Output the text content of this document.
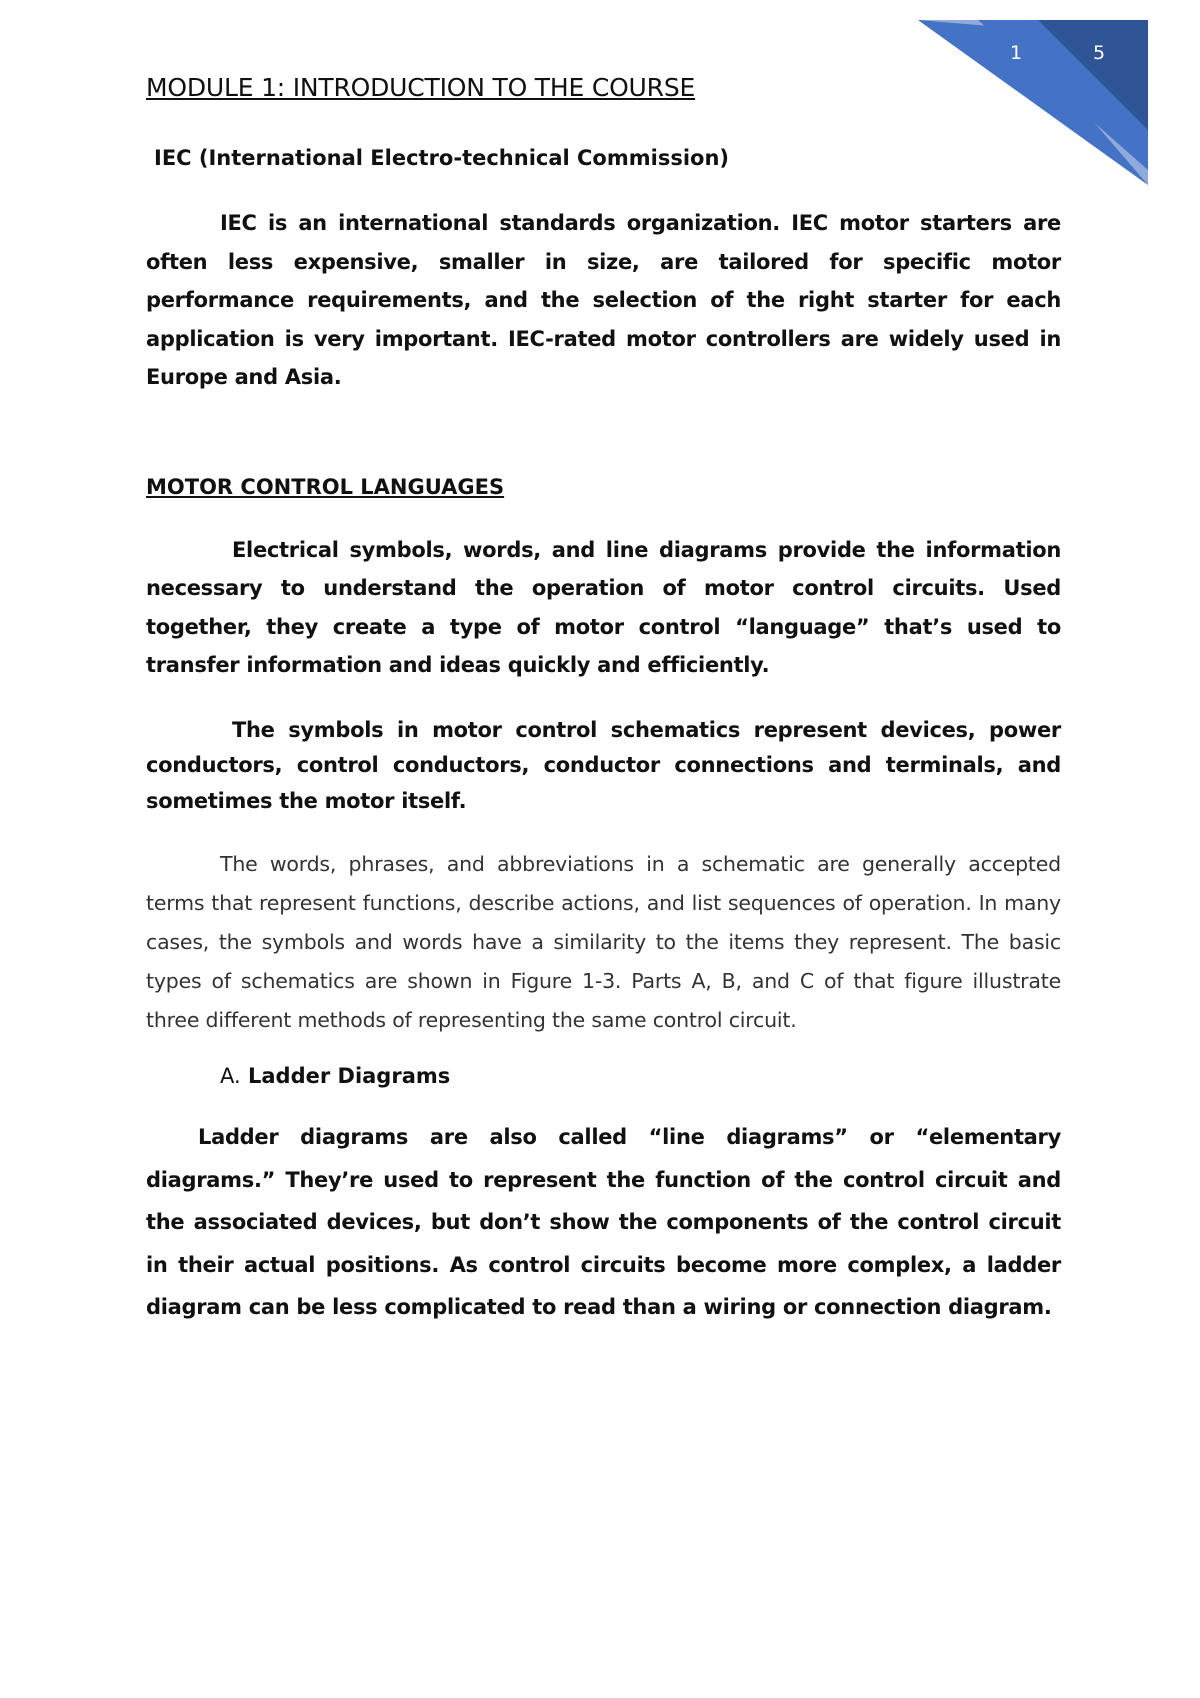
1	5
MODULE 1: INTRODUCTION TO THE COURSE
IEC (International Electro-technical Commission)

IEC is an international standards organization. IEC motor starters are often less expensive, smaller in size, are tailored for specific motor performance requirements, and the selection of the right starter for each application is very important. IEC-rated motor controllers are widely used in Europe and Asia.

MOTOR CONTROL LANGUAGES

Electrical symbols, words, and line diagrams provide the information necessary to understand the operation of motor control circuits. Used together, they create a type of motor control “language” that’s used to transfer information and ideas quickly and efficiently.

The symbols in motor control schematics represent devices, power conductors, control conductors, conductor connections and terminals, and sometimes the motor itself.

The words, phrases, and abbreviations in a schematic are generally accepted terms that represent functions, describe actions, and list sequences of operation. In many cases, the symbols and words have a similarity to the items they represent. The basic types of schematics are shown in Figure 1-3. Parts A, B, and C of that figure illustrate three different methods of representing the same control circuit.

A. Ladder Diagrams

Ladder diagrams are also called “line diagrams” or “elementary diagrams.” They’re used to represent the function of the control circuit and the associated devices, but don’t show the components of the control circuit in their actual positions. As control circuits become more complex, a ladder diagram can be less complicated to read than a wiring or connection diagram.
